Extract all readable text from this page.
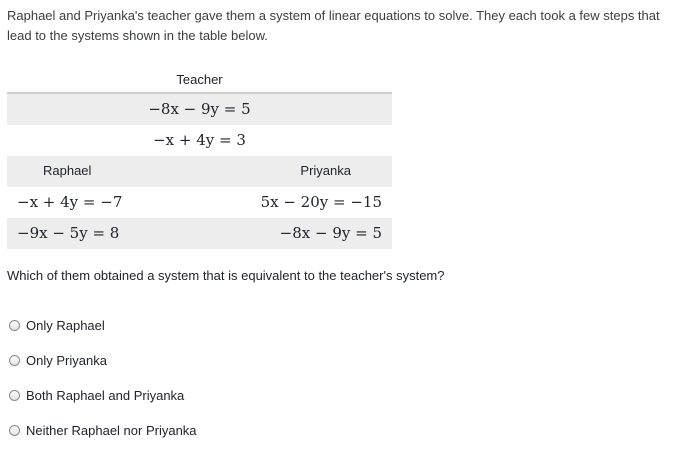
Raphael and Priyanka's teacher gave them a system of linear equations to solve. They each took a few steps that lead to the systems shown in the table below.
Teacher
−8x − 9y = 5
−x + 4y = 3
Raphael	Priyanka
−x + 4y = −7	5x − 20y = −15
−9x − 5y = 8	−8x − 9y = 5
Which of them obtained a system that is equivalent to the teacher's system?
Only Raphael
Only Priyanka
Both Raphael and Priyanka
Neither Raphael nor Priyanka
